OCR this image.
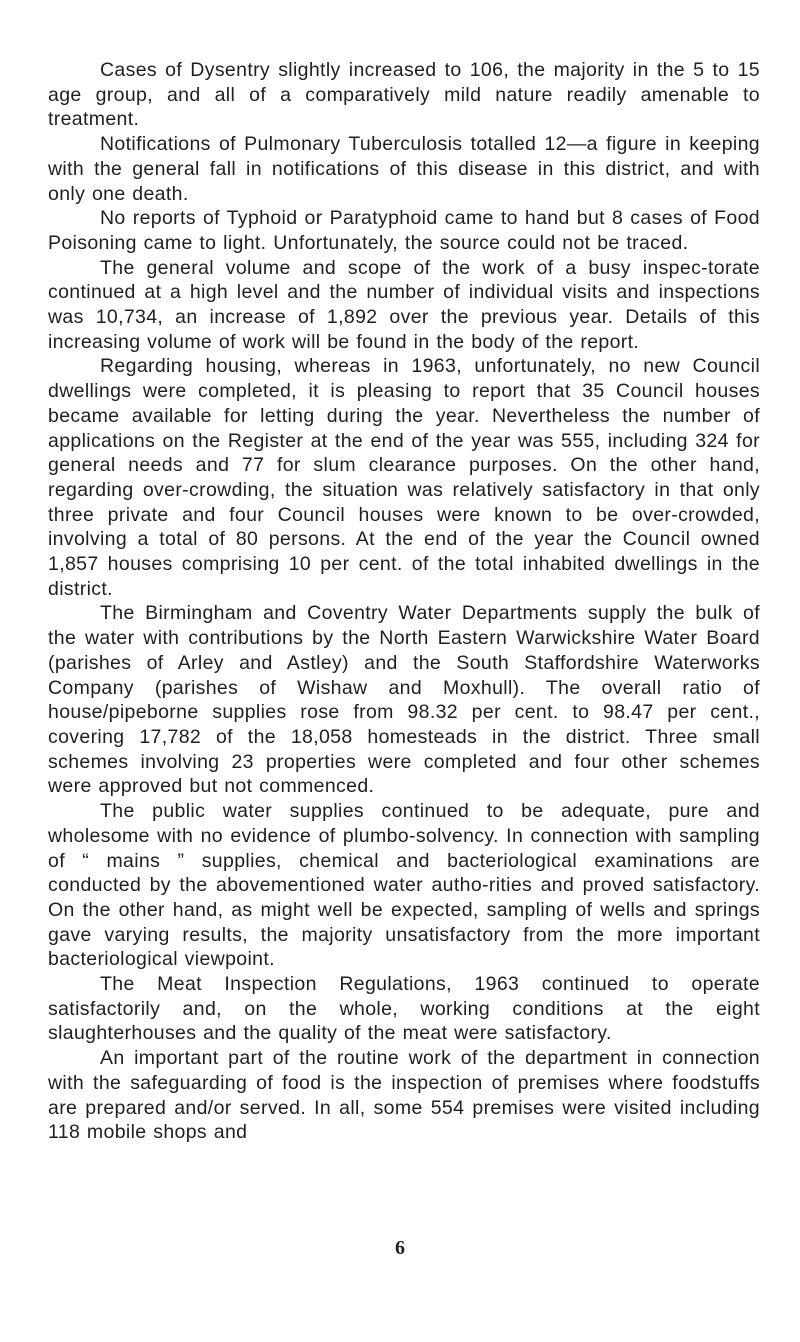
Cases of Dysentry slightly increased to 106, the majority in the 5 to 15 age group, and all of a comparatively mild nature readily amenable to treatment.

Notifications of Pulmonary Tuberculosis totalled 12—a figure in keeping with the general fall in notifications of this disease in this district, and with only one death.

No reports of Typhoid or Paratyphoid came to hand but 8 cases of Food Poisoning came to light. Unfortunately, the source could not be traced.

The general volume and scope of the work of a busy inspec-torate continued at a high level and the number of individual visits and inspections was 10,734, an increase of 1,892 over the previous year. Details of this increasing volume of work will be found in the body of the report.

Regarding housing, whereas in 1963, unfortunately, no new Council dwellings were completed, it is pleasing to report that 35 Council houses became available for letting during the year. Nevertheless the number of applications on the Register at the end of the year was 555, including 324 for general needs and 77 for slum clearance purposes. On the other hand, regarding over-crowding, the situation was relatively satisfactory in that only three private and four Council houses were known to be over-crowded, involving a total of 80 persons. At the end of the year the Council owned 1,857 houses comprising 10 per cent. of the total inhabited dwellings in the district.

The Birmingham and Coventry Water Departments supply the bulk of the water with contributions by the North Eastern Warwickshire Water Board (parishes of Arley and Astley) and the South Staffordshire Waterworks Company (parishes of Wishaw and Moxhull). The overall ratio of house/pipeborne supplies rose from 98.32 per cent. to 98.47 per cent., covering 17,782 of the 18,058 homesteads in the district. Three small schemes involving 23 properties were completed and four other schemes were approved but not commenced.

The public water supplies continued to be adequate, pure and wholesome with no evidence of plumbo-solvency. In connection with sampling of “ mains ” supplies, chemical and bacteriological examinations are conducted by the abovementioned water autho-rities and proved satisfactory. On the other hand, as might well be expected, sampling of wells and springs gave varying results, the majority unsatisfactory from the more important bacteriological viewpoint.

The Meat Inspection Regulations, 1963 continued to operate satisfactorily and, on the whole, working conditions at the eight slaughterhouses and the quality of the meat were satisfactory.

An important part of the routine work of the department in connection with the safeguarding of food is the inspection of premises where foodstuffs are prepared and/or served. In all, some 554 premises were visited including 118 mobile shops and

6
